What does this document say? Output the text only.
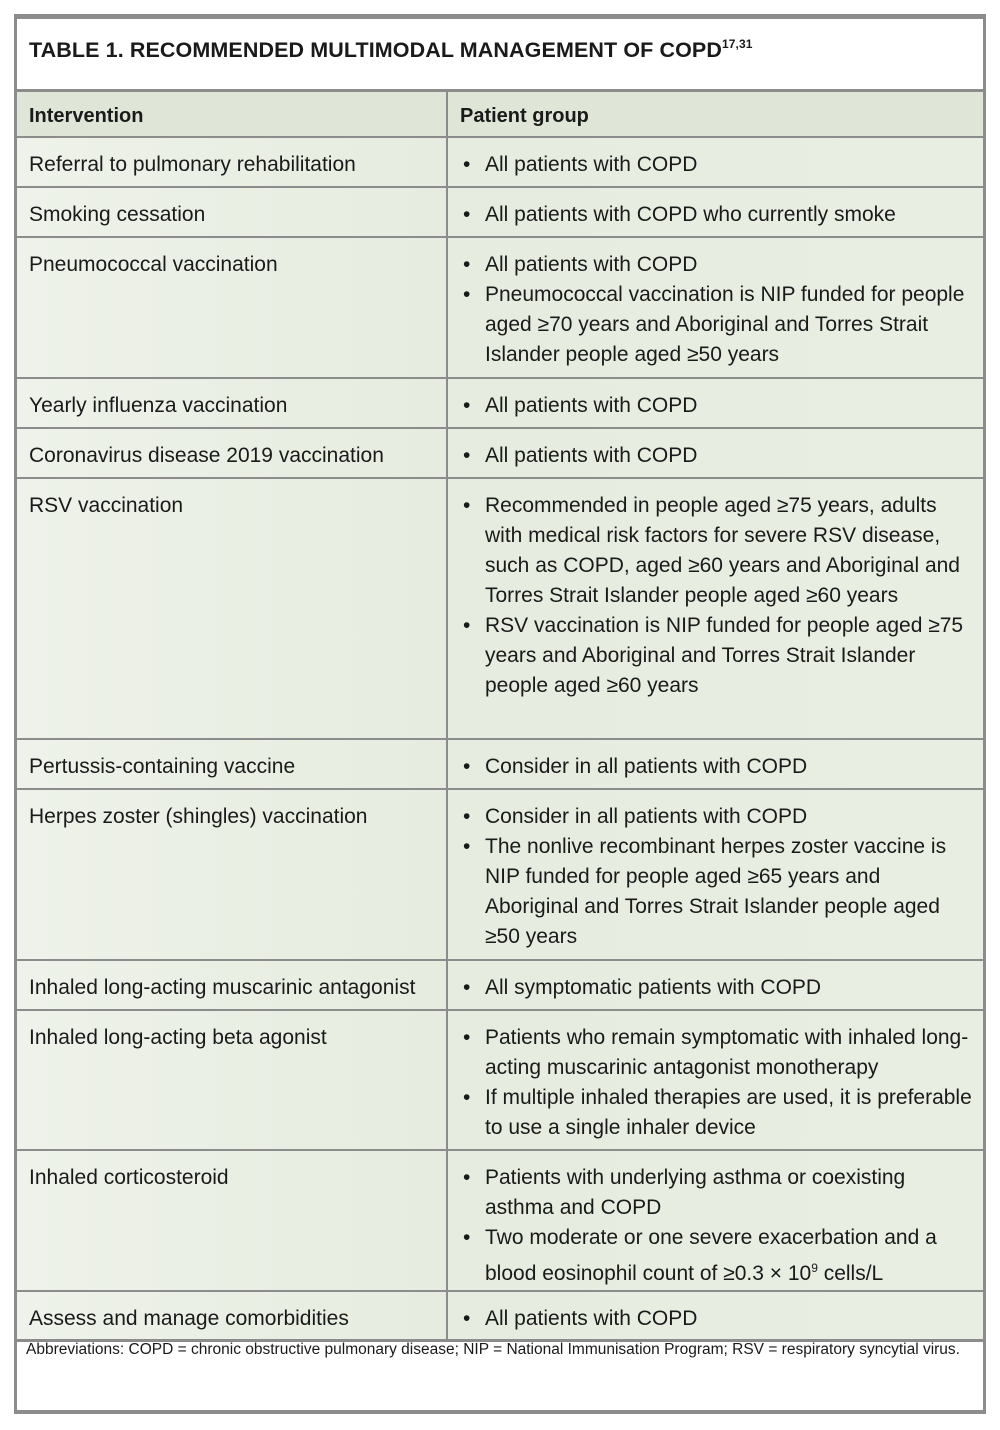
TABLE 1. RECOMMENDED MULTIMODAL MANAGEMENT OF COPD$^{17,31}$
Intervention	Patient group
Referral to pulmonary rehabilitation	• All patients with COPD
Smoking cessation	• All patients with COPD who currently smoke
Pneumococcal vaccination	• All patients with COPD
• Pneumococcal vaccination is NIP funded for people aged ≥70 years and Aboriginal and Torres Strait Islander people aged ≥50 years
Yearly influenza vaccination	• All patients with COPD
Coronavirus disease 2019 vaccination	• All patients with COPD
RSV vaccination	• Recommended in people aged ≥75 years, adults with medical risk factors for severe RSV disease, such as COPD, aged ≥60 years and Aboriginal and Torres Strait Islander people aged ≥60 years
• RSV vaccination is NIP funded for people aged ≥75 years and Aboriginal and Torres Strait Islander people aged ≥60 years
Pertussis-containing vaccine	• Consider in all patients with COPD
Herpes zoster (shingles) vaccination	• Consider in all patients with COPD
• The nonlive recombinant herpes zoster vaccine is NIP funded for people aged ≥65 years and Aboriginal and Torres Strait Islander people aged ≥50 years
Inhaled long-acting muscarinic antagonist	• All symptomatic patients with COPD
Inhaled long-acting beta agonist	• Patients who remain symptomatic with inhaled long-acting muscarinic antagonist monotherapy
• If multiple inhaled therapies are used, it is preferable to use a single inhaler device
Inhaled corticosteroid	• Patients with underlying asthma or coexisting asthma and COPD
• Two moderate or one severe exacerbation and a blood eosinophil count of $\ge 0.3 \times 10^9$ cells/L
Assess and manage comorbidities	• All patients with COPD
Abbreviations: COPD = chronic obstructive pulmonary disease; NIP = National Immunisation Program; RSV = respiratory syncytial virus.
